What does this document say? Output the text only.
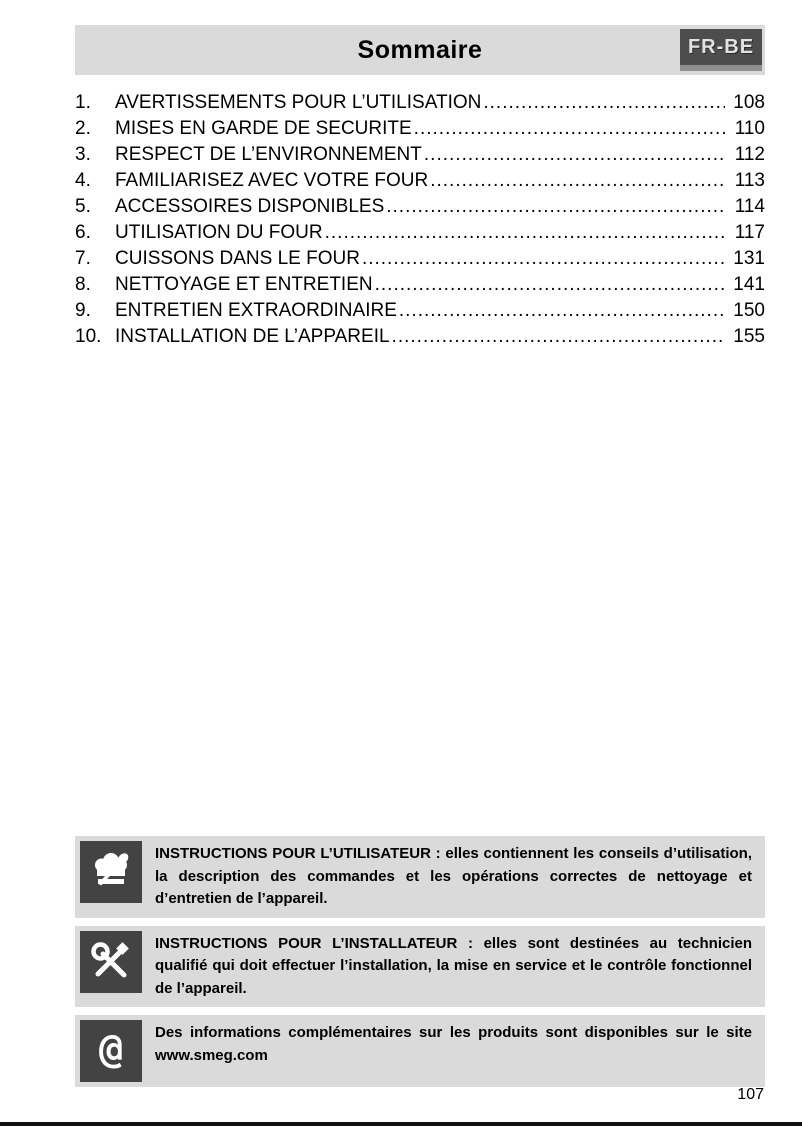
Sommaire	FR-BE
1.	AVERTISSEMENTS POUR L’UTILISATION .....	108
2.	MISES EN GARDE DE SECURITE .....	110
3.	RESPECT DE L’ENVIRONNEMENT .....	112
4.	FAMILIARISEZ AVEC VOTRE FOUR .....	113
5.	ACCESSOIRES DISPONIBLES .....	114
6.	UTILISATION DU FOUR .....	117
7.	CUISSONS DANS LE FOUR .....	131
8.	NETTOYAGE ET ENTRETIEN .....	141
9.	ENTRETIEN EXTRAORDINAIRE .....	150
10. INSTALLATION DE L’APPAREIL .....	155

INSTRUCTIONS POUR L’UTILISATEUR : elles contiennent les conseils d’utilisation, la description des commandes et les opérations correctes de nettoyage et d’entretien de l’appareil.

INSTRUCTIONS POUR L’INSTALLATEUR : elles sont destinées au technicien qualifié qui doit effectuer l’installation, la mise en service et le contrôle fonctionnel de l’appareil.

@ Des informations complémentaires sur les produits sont disponibles sur le site www.smeg.com

107
